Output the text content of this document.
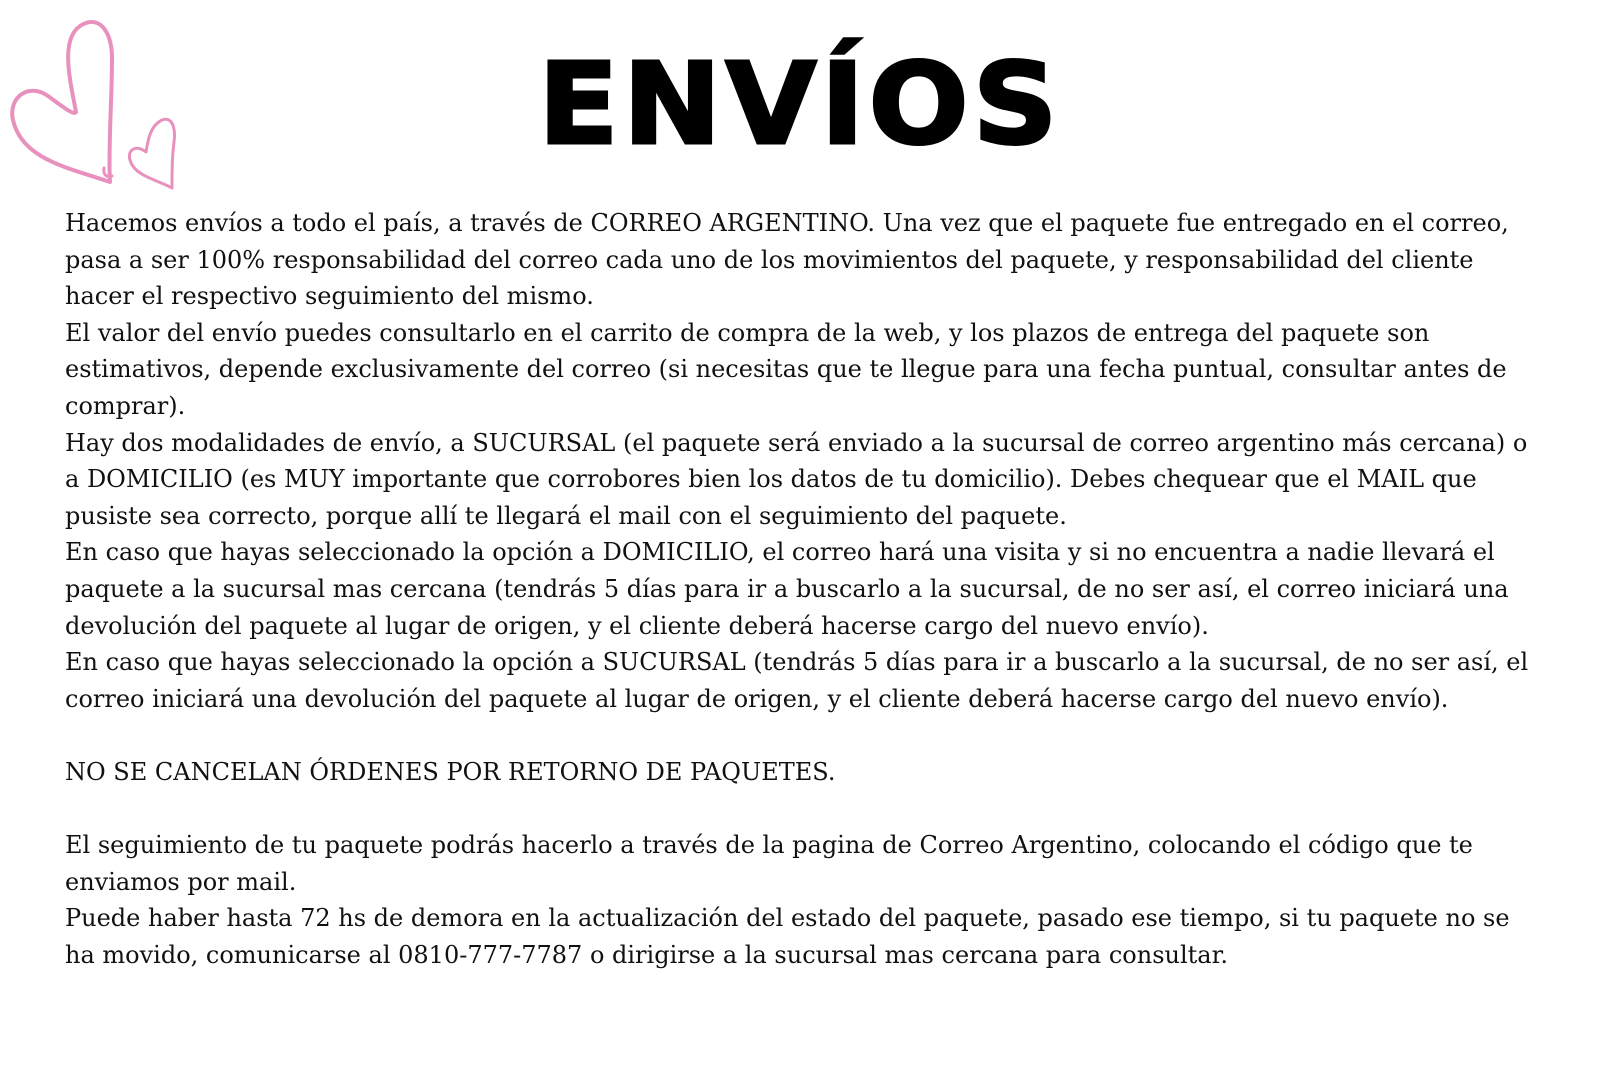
ENVÍOS

Hacemos envíos a todo el país, a través de CORREO ARGENTINO. Una vez que el paquete fue entregado en el correo, pasa a ser 100% responsabilidad del correo cada uno de los movimientos del paquete, y responsabilidad del cliente hacer el respectivo seguimiento del mismo.

El valor del envío puedes consultarlo en el carrito de compra de la web, y los plazos de entrega del paquete son estimativos, depende exclusivamente del correo (si necesitas que te llegue para una fecha puntual, consultar antes de comprar).

Hay dos modalidades de envío, a SUCURSAL (el paquete será enviado a la sucursal de correo argentino más cercana) o a DOMICILIO (es MUY importante que corrobores bien los datos de tu domicilio). Debes chequear que el MAIL que pusiste sea correcto, porque allí te llegará el mail con el seguimiento del paquete.

En caso que hayas seleccionado la opción a DOMICILIO, el correo hará una visita y si no encuentra a nadie llevará el paquete a la sucursal mas cercana (tendrás 5 días para ir a buscarlo a la sucursal, de no ser así, el correo iniciará una devolución del paquete al lugar de origen, y el cliente deberá hacerse cargo del nuevo envío).

En caso que hayas seleccionado la opción a SUCURSAL (tendrás 5 días para ir a buscarlo a la sucursal, de no ser así, el correo iniciará una devolución del paquete al lugar de origen, y el cliente deberá hacerse cargo del nuevo envío).

NO SE CANCELAN ÓRDENES POR RETORNO DE PAQUETES.

El seguimiento de tu paquete podrás hacerlo a través de la pagina de Correo Argentino, colocando el código que te enviamos por mail.

Puede haber hasta 72 hs de demora en la actualización del estado del paquete, pasado ese tiempo, si tu paquete no se ha movido, comunicarse al 0810-777-7787 o dirigirse a la sucursal mas cercana para consultar.
